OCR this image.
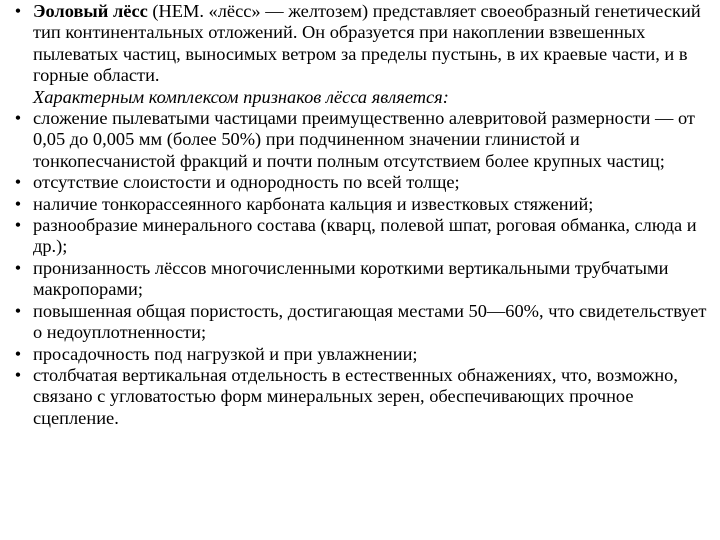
• Эоловый лёсс (НЕМ. «лёсс» — желтозем) представляет своеобразный генетический тип континентальных отложений. Он образуется при накоплении взвешенных пылеватых частиц, выносимых ветром за пределы пустынь, в их краевые части, и в горные области.
Характерным комплексом признаков лёсса является:
• сложение пылеватыми частицами преимущественно алевритовой размерности — от 0,05 до 0,005 мм (более 50%) при подчиненном значении глинистой и тонкопесчанистой фракций и почти полным отсутствием более крупных частиц;
• отсутствие слоистости и однородность по всей толще;
• наличие тонкорассеянного карбоната кальция и известковых стяжений;
• разнообразие минерального состава (кварц, полевой шпат, роговая обманка, слюда и др.);
• пронизанность лёссов многочисленными короткими вертикальными трубчатыми макропорами;
• повышенная общая пористость, достигающая местами 50—60%, что свидетельствует о недоуплотненности;
• просадочность под нагрузкой и при увлажнении;
• столбчатая вертикальная отдельность в естественных обнажениях, что, возможно, связано с угловатостью форм минеральных зерен, обеспечивающих прочное сцепление.
